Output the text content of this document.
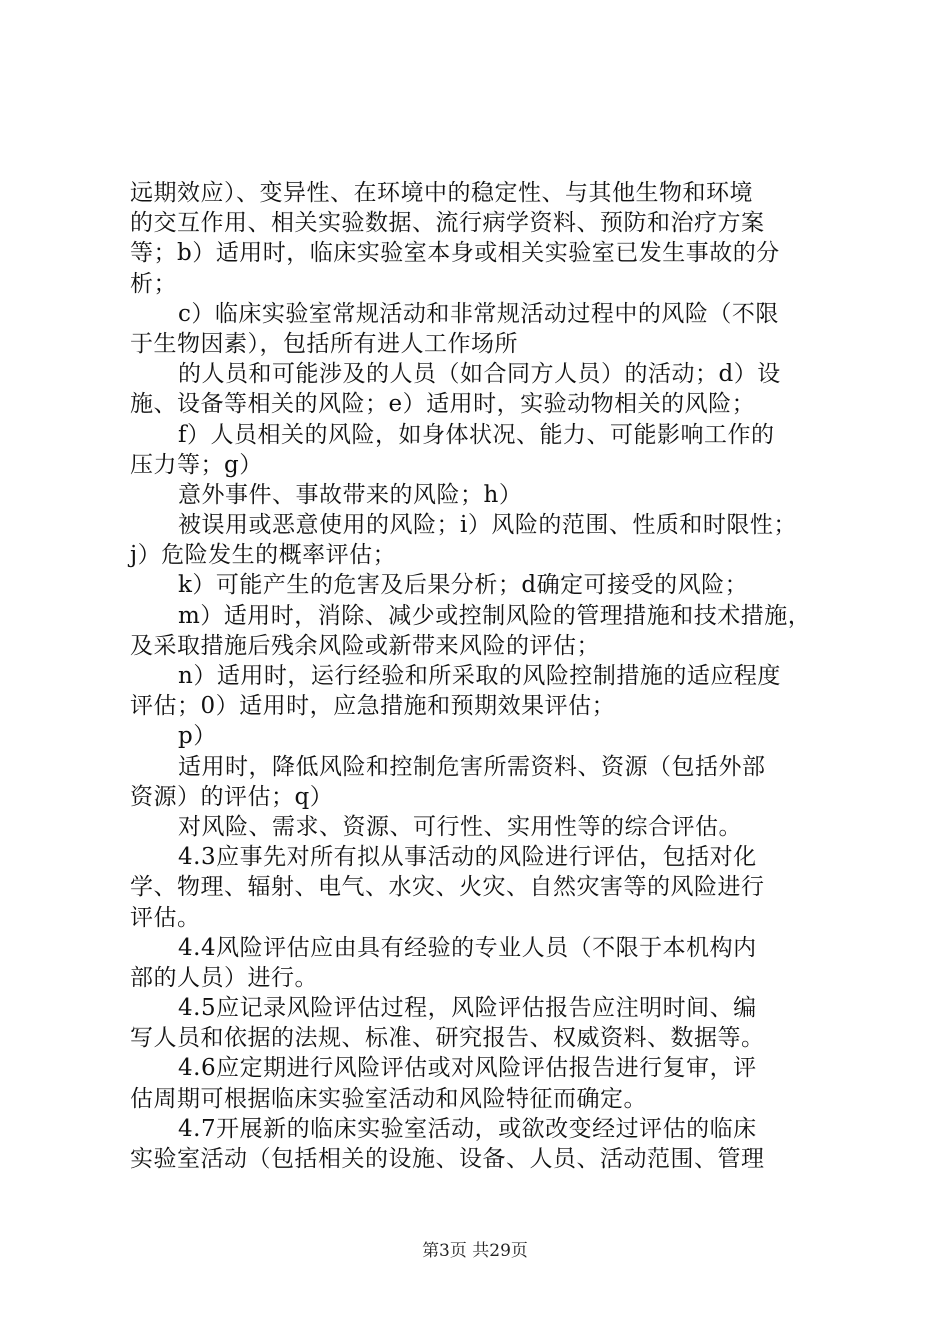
远期效应）、变异性、在环境中的稳定性、与其他生物和环境
的交互作用、相关实验数据、流行病学资料、预防和治疗方案
等；b）适用时，临床实验室本身或相关实验室已发生事故的分
析；
c）临床实验室常规活动和非常规活动过程中的风险（不限
于生物因素），包括所有进人工作场所
的人员和可能涉及的人员（如合同方人员）的活动；d）设
施、设备等相关的风险；e）适用时，实验动物相关的风险；
f）人员相关的风险，如身体状况、能力、可能影响工作的
压力等；g）
意外事件、事故带来的风险；h）
被误用或恶意使用的风险；i）风险的范围、性质和时限性；
j）危险发生的概率评估；
k）可能产生的危害及后果分析；d确定可接受的风险；
m）适用时，消除、减少或控制风险的管理措施和技术措施，
及采取措施后残余风险或新带来风险的评估；
n）适用时，运行经验和所采取的风险控制措施的适应程度
评估；0）适用时，应急措施和预期效果评估；
p）
适用时，降低风险和控制危害所需资料、资源（包括外部
资源）的评估；q）
对风险、需求、资源、可行性、实用性等的综合评估。
4.3应事先对所有拟从事活动的风险进行评估，包括对化
学、物理、辐射、电气、水灾、火灾、自然灾害等的风险进行
评估。
4.4风险评估应由具有经验的专业人员（不限于本机构内
部的人员）进行。
4.5应记录风险评估过程，风险评估报告应注明时间、编
写人员和依据的法规、标准、研究报告、权威资料、数据等。
4.6应定期进行风险评估或对风险评估报告进行复审，评
估周期可根据临床实验室活动和风险特征而确定。
4.7开展新的临床实验室活动，或欲改变经过评估的临床
实验室活动（包括相关的设施、设备、人员、活动范围、管理
第3页 共29页
